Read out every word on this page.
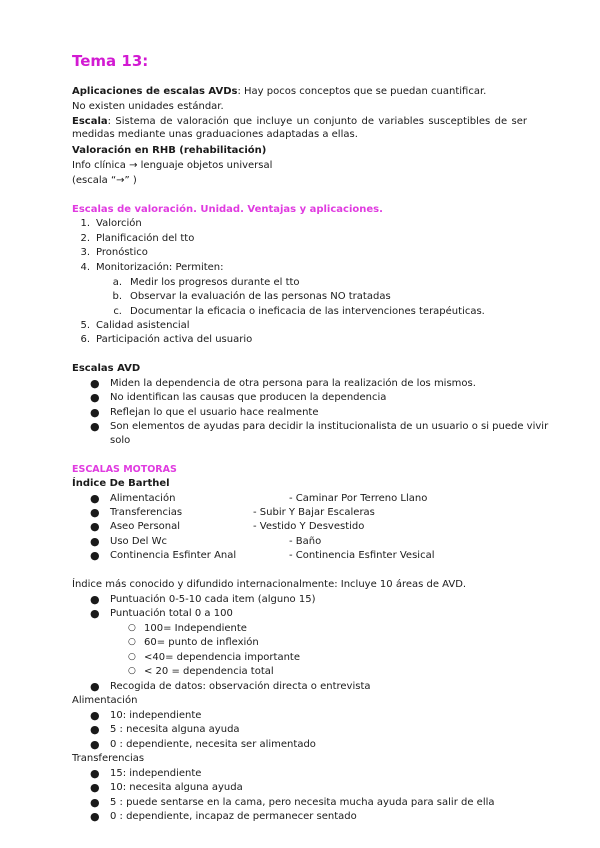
Tema 13:
Aplicaciones de escalas AVDs: Hay pocos conceptos que se puedan cuantificar.
No existen unidades estándar.
Escala: Sistema de valoración que incluye un conjunto de variables susceptibles de ser medidas mediante unas graduaciones adaptadas a ellas.
Valoración en RHB (rehabilitación)
Info clínica → lenguaje objetos universal
(escala “→” )
Escalas de valoración. Unidad. Ventajas y aplicaciones.
1. Valorción
2. Planificación del tto
3. Pronóstico
4. Monitorización: Permiten:
a. Medir los progresos durante el tto
b. Observar la evaluación de las personas NO tratadas
c. Documentar la eficacia o ineficacia de las intervenciones terapéuticas.
5. Calidad asistencial
6. Participación activa del usuario
Escalas AVD
● Miden la dependencia de otra persona para la realización de los mismos.
● No identifican las causas que producen la dependencia
● Reflejan lo que el usuario hace realmente
● Son elementos de ayudas para decidir la institucionalista de un usuario o si puede vivir
solo
ESCALAS MOTORAS
Índice De Barthel
● Alimentación	- Caminar Por Terreno Llano
● Transferencias	- Subir Y Bajar Escaleras
● Aseo Personal	- Vestido Y Desvestido
● Uso Del Wc	- Baño
● Continencia Esfinter Anal	- Continencia Esfinter Vesical
Índice más conocido y difundido internacionalmente: Incluye 10 áreas de AVD.
● Puntuación 0-5-10 cada item (alguno 15)
● Puntuación total 0 a 100
○ 100= Independiente
○ 60= punto de inflexión
○ <40= dependencia importante
○ < 20 = dependencia total
● Recogida de datos: observación directa o entrevista
Alimentación
● 10: independiente
● 5 : necesita alguna ayuda
● 0 : dependiente, necesita ser alimentado
Transferencias
● 15: independiente
● 10: necesita alguna ayuda
● 5 : puede sentarse en la cama, pero necesita mucha ayuda para salir de ella
● 0 : dependiente, incapaz de permanecer sentado
